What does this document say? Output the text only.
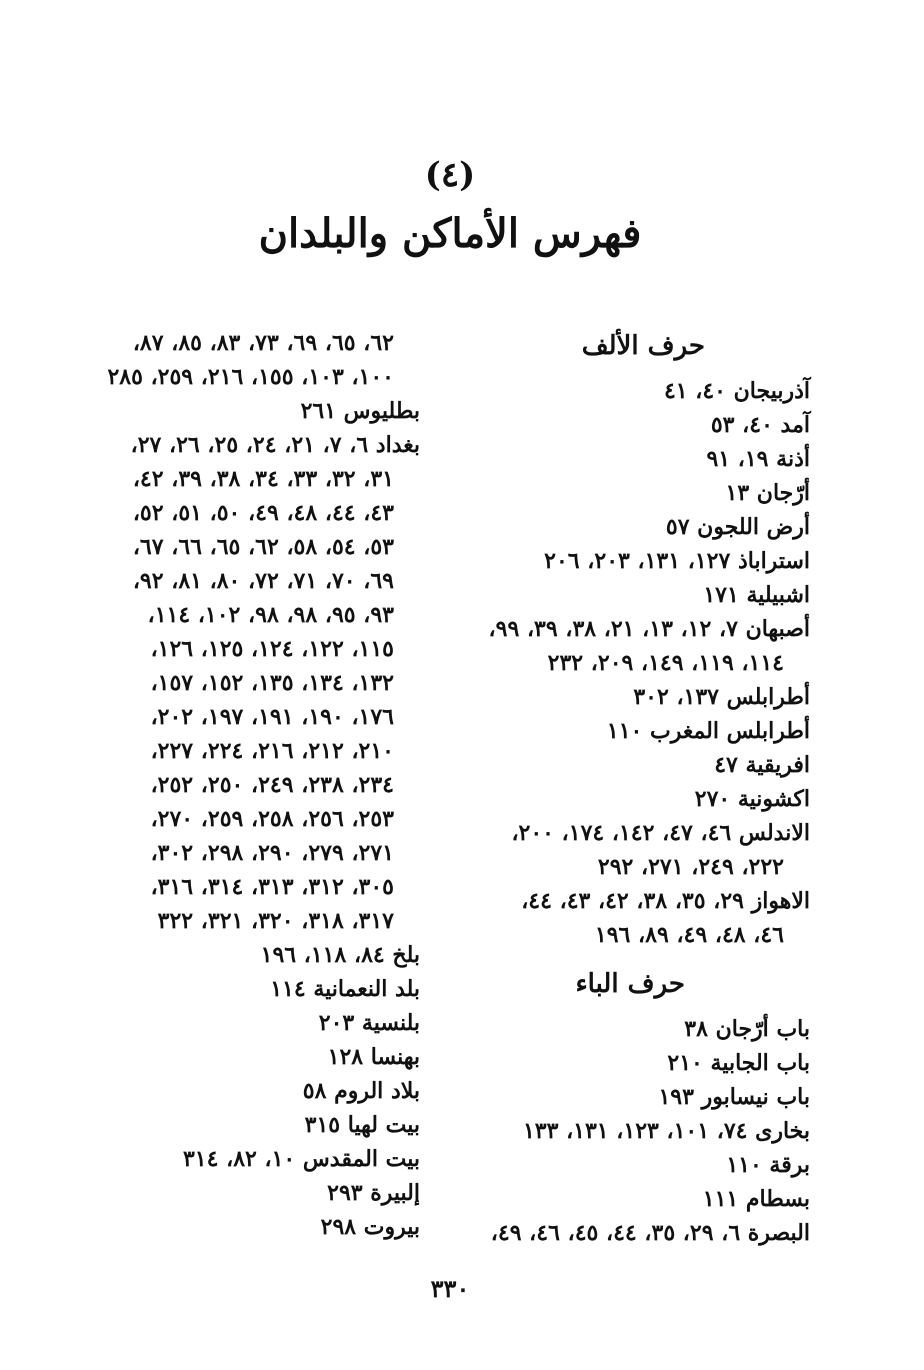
(٤)
فهرس الأماكن والبلدان
حرف الألف
آذربيجان ٤٠، ٤١
آمد ٤٠، ٥٣
أذنة ١٩، ٩١
أرّجان ١٣
أرض اللجون ٥٧
استراباذ ١٢٧، ١٣١، ٢٠٣، ٢٠٦
اشبيلية ١٧١
أصبهان ٧، ١٢، ١٣، ٢١، ٣٨، ٣٩، ٩٩،
١١٤، ١١٩، ١٤٩، ٢٠٩، ٢٣٢
أطرابلس ١٣٧، ٣٠٢
أطرابلس المغرب ١١٠
افريقية ٤٧
اكشونية ٢٧٠
الاندلس ٤٦، ٤٧، ١٤٢، ١٧٤، ٢٠٠،
٢٢٢، ٢٤٩، ٢٧١، ٢٩٢
الاهواز ٢٩، ٣٥، ٣٨، ٤٢، ٤٣، ٤٤،
٤٦، ٤٨، ٤٩، ٨٩، ١٩٦
حرف الباء
باب أرّجان ٣٨
باب الجابية ٢١٠
باب نيسابور ١٩٣
بخارى ٧٤، ١٠١، ١٢٣، ١٣١، ١٣٣
برقة ١١٠
بسطام ١١١
البصرة ٦، ٢٩، ٣٥، ٤٤، ٤٥، ٤٦، ٤٩،
٦٢، ٦٥، ٦٩، ٧٣، ٨٣، ٨٥، ٨٧،
١٠٠، ١٠٣، ١٥٥، ٢١٦، ٢٥٩، ٢٨٥
بطليوس ٢٦١
بغداد ٦، ٧، ٢١، ٢٤، ٢٥، ٢٦، ٢٧،
٣١، ٣٢، ٣٣، ٣٤، ٣٨، ٣٩، ٤٢،
٤٣، ٤٤، ٤٨، ٤٩، ٥٠، ٥١، ٥٢،
٥٣، ٥٤، ٥٨، ٦٢، ٦٥، ٦٦، ٦٧،
٦٩، ٧٠، ٧١، ٧٢، ٨٠، ٨١، ٩٢،
٩٣، ٩٥، ٩٨، ٩٨، ١٠٢، ١١٤،
١١٥، ١٢٢، ١٢٤، ١٢٥، ١٢٦،
١٣٢، ١٣٤، ١٣٥، ١٥٢، ١٥٧،
١٧٦، ١٩٠، ١٩١، ١٩٧، ٢٠٢،
٢١٠، ٢١٢، ٢١٦، ٢٢٤، ٢٢٧،
٢٣٤، ٢٣٨، ٢٤٩، ٢٥٠، ٢٥٢،
٢٥٣، ٢٥٦، ٢٥٨، ٢٥٩، ٢٧٠،
٢٧١، ٢٧٩، ٢٩٠، ٢٩٨، ٣٠٢،
٣٠٥، ٣١٢، ٣١٣، ٣١٤، ٣١٦،
٣١٧، ٣١٨، ٣٢٠، ٣٢١، ٣٢٢
بلخ ٨٤، ١١٨، ١٩٦
بلد النعمانية ١١٤
بلنسية ٢٠٣
بهنسا ١٢٨
بلاد الروم ٥٨
بيت لهيا ٣١٥
بيت المقدس ١٠، ٨٢، ٣١٤
إلبيرة ٢٩٣
بيروت ٢٩٨
٣٣٠
